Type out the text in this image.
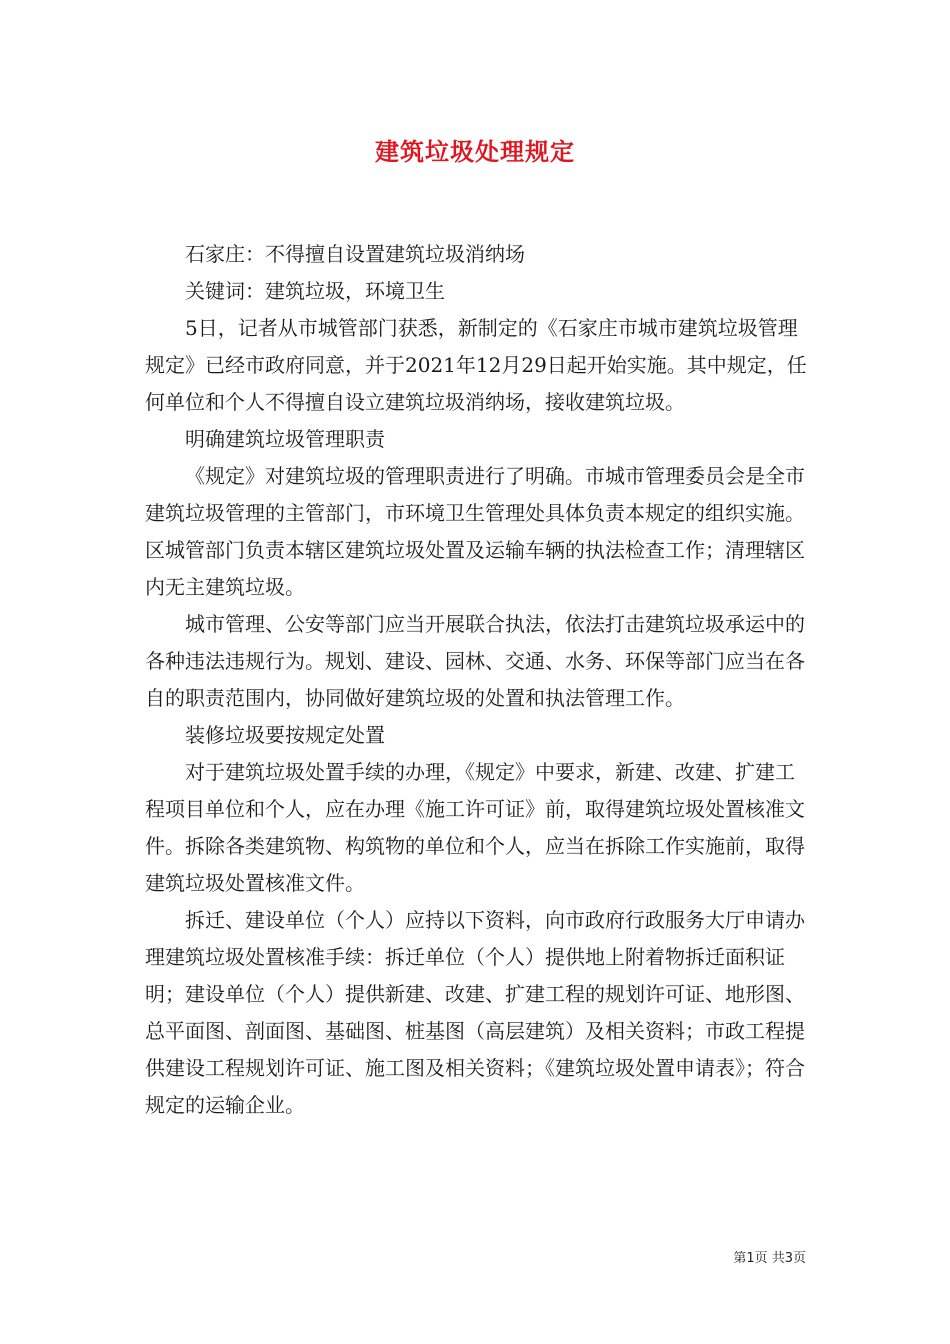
建筑垃圾处理规定

石家庄：不得擅自设置建筑垃圾消纳场

关键词：建筑垃圾，环境卫生

5日，记者从市城管部门获悉，新制定的《石家庄市城市建筑垃圾管理规定》已经市政府同意，并于2021年12月29日起开始实施。其中规定，任何单位和个人不得擅自设立建筑垃圾消纳场，接收建筑垃圾。

明确建筑垃圾管理职责

《规定》对建筑垃圾的管理职责进行了明确。市城市管理委员会是全市建筑垃圾管理的主管部门，市环境卫生管理处具体负责本规定的组织实施。区城管部门负责本辖区建筑垃圾处置及运输车辆的执法检查工作；清理辖区内无主建筑垃圾。

城市管理、公安等部门应当开展联合执法，依法打击建筑垃圾承运中的各种违法违规行为。规划、建设、园林、交通、水务、环保等部门应当在各自的职责范围内，协同做好建筑垃圾的处置和执法管理工作。

装修垃圾要按规定处置

对于建筑垃圾处置手续的办理，《规定》中要求，新建、改建、扩建工程项目单位和个人，应在办理《施工许可证》前，取得建筑垃圾处置核准文件。拆除各类建筑物、构筑物的单位和个人，应当在拆除工作实施前，取得建筑垃圾处置核准文件。

拆迁、建设单位（个人）应持以下资料，向市政府行政服务大厅申请办理建筑垃圾处置核准手续：拆迁单位（个人）提供地上附着物拆迁面积证明；建设单位（个人）提供新建、改建、扩建工程的规划许可证、地形图、总平面图、剖面图、基础图、桩基图（高层建筑）及相关资料；市政工程提供建设工程规划许可证、施工图及相关资料；《建筑垃圾处置申请表》；符合规定的运输企业。

第1页 共3页
